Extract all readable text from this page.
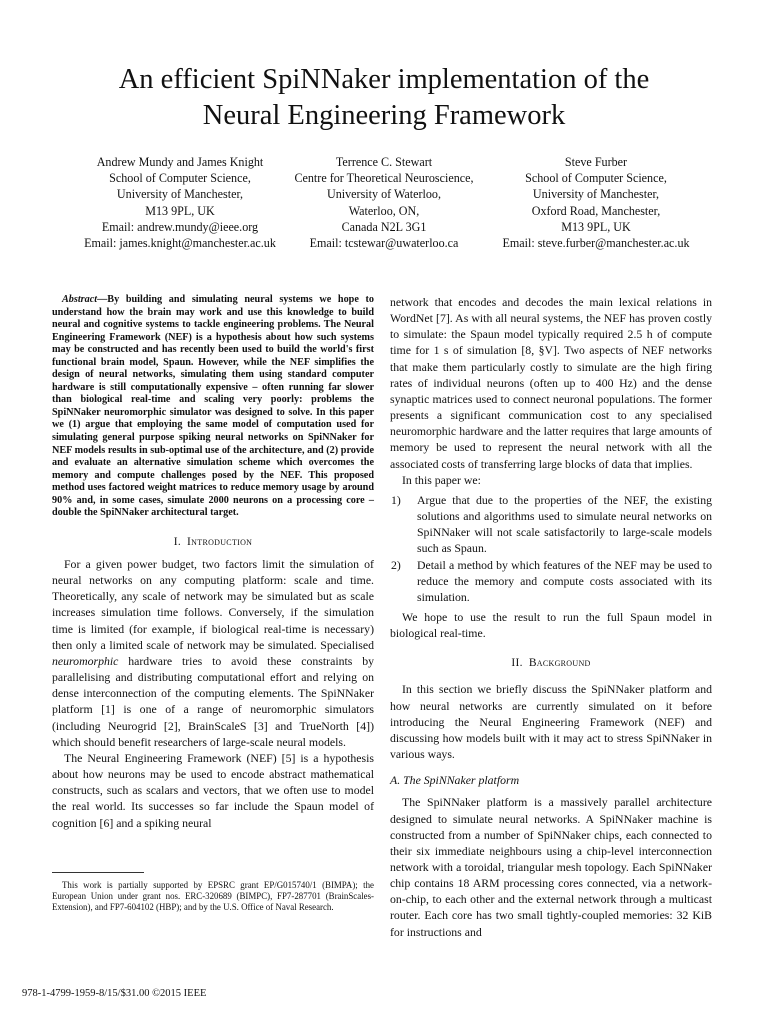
An efficient SpiNNaker implementation of the
Neural Engineering Framework
Andrew Mundy and James Knight
School of Computer Science,
University of Manchester,
M13 9PL, UK
Email: andrew.mundy@ieee.org
Email: james.knight@manchester.ac.uk
Terrence C. Stewart
Centre for Theoretical Neuroscience,
University of Waterloo,
Waterloo, ON,
Canada N2L 3G1
Email: tcstewar@uwaterloo.ca
Steve Furber
School of Computer Science,
University of Manchester,
Oxford Road, Manchester,
M13 9PL, UK
Email: steve.furber@manchester.ac.uk

Abstract—By building and simulating neural systems we hope to understand how the brain may work and use this knowledge to build neural and cognitive systems to tackle engineering problems. The Neural Engineering Framework (NEF) is a hypothesis about how such systems may be constructed and has recently been used to build the world's first functional brain model, Spaun. However, while the NEF simplifies the design of neural networks, simulating them using standard computer hardware is still computationally expensive – often running far slower than biological real-time and scaling very poorly: problems the SpiNNaker neuromorphic simulator was designed to solve. In this paper we (1) argue that employing the same model of computation used for simulating general purpose spiking neural networks on SpiNNaker for NEF models results in sub-optimal use of the architecture, and (2) provide and evaluate an alternative simulation scheme which overcomes the memory and compute challenges posed by the NEF. This proposed method uses factored weight matrices to reduce memory usage by around 90% and, in some cases, simulate 2000 neurons on a processing core – double the SpiNNaker architectural target.

I. Introduction

For a given power budget, two factors limit the simulation of neural networks on any computing platform: scale and time. Theoretically, any scale of network may be simulated but as scale increases simulation time follows. Conversely, if the simulation time is limited (for example, if biological real-time is necessary) then only a limited scale of network may be simulated. Specialised neuromorphic hardware tries to avoid these constraints by parallelising and distributing computational effort and relying on dense interconnection of the computing elements. The SpiNNaker platform [1] is one of a range of neuromorphic simulators (including Neurogrid [2], BrainScaleS [3] and TrueNorth [4]) which should benefit researchers of large-scale neural models.

The Neural Engineering Framework (NEF) [5] is a hypothesis about how neurons may be used to encode abstract mathematical constructs, such as scalars and vectors, that we often use to model the real world. Its successes so far include the Spaun model of cognition [6] and a spiking neural

This work is partially supported by EPSRC grant EP/G015740/1 (BIMPA); the European Union under grant nos. ERC-320689 (BIMPC), FP7-287701 (BrainScales-Extension), and FP7-604102 (HBP); and by the U.S. Office of Naval Research.
978-1-4799-1959-8/15/$31.00 ©2015 IEEE

network that encodes and decodes the main lexical relations in WordNet [7]. As with all neural systems, the NEF has proven costly to simulate: the Spaun model typically required 2.5 h of compute time for 1 s of simulation [8, §V]. Two aspects of NEF networks that make them particularly costly to simulate are the high firing rates of individual neurons (often up to 400 Hz) and the dense synaptic matrices used to connect neuronal populations. The former presents a significant communication cost to any specialised neuromorphic hardware and the latter requires that large amounts of memory be used to represent the neural network with all the associated costs of transferring large blocks of data that implies.

In this paper we:

1)	Argue that due to the properties of the NEF, the existing solutions and algorithms used to simulate neural networks on SpiNNaker will not scale satisfactorily to large-scale models such as Spaun.
2)	Detail a method by which features of the NEF may be used to reduce the memory and compute costs associated with its simulation.

We hope to use the result to run the full Spaun model in biological real-time.

II. Background

In this section we briefly discuss the SpiNNaker platform and how neural networks are currently simulated on it before introducing the Neural Engineering Framework (NEF) and discussing how models built with it may act to stress SpiNNaker in various ways.

A. The SpiNNaker platform

The SpiNNaker platform is a massively parallel architecture designed to simulate neural networks. A SpiNNaker machine is constructed from a number of SpiNNaker chips, each connected to their six immediate neighbours using a chip-level interconnection network with a toroidal, triangular mesh topology. Each SpiNNaker chip contains 18 ARM processing cores connected, via a network-on-chip, to each other and the external network through a multicast router. Each core has two small tightly-coupled memories: 32 KiB for instructions and
